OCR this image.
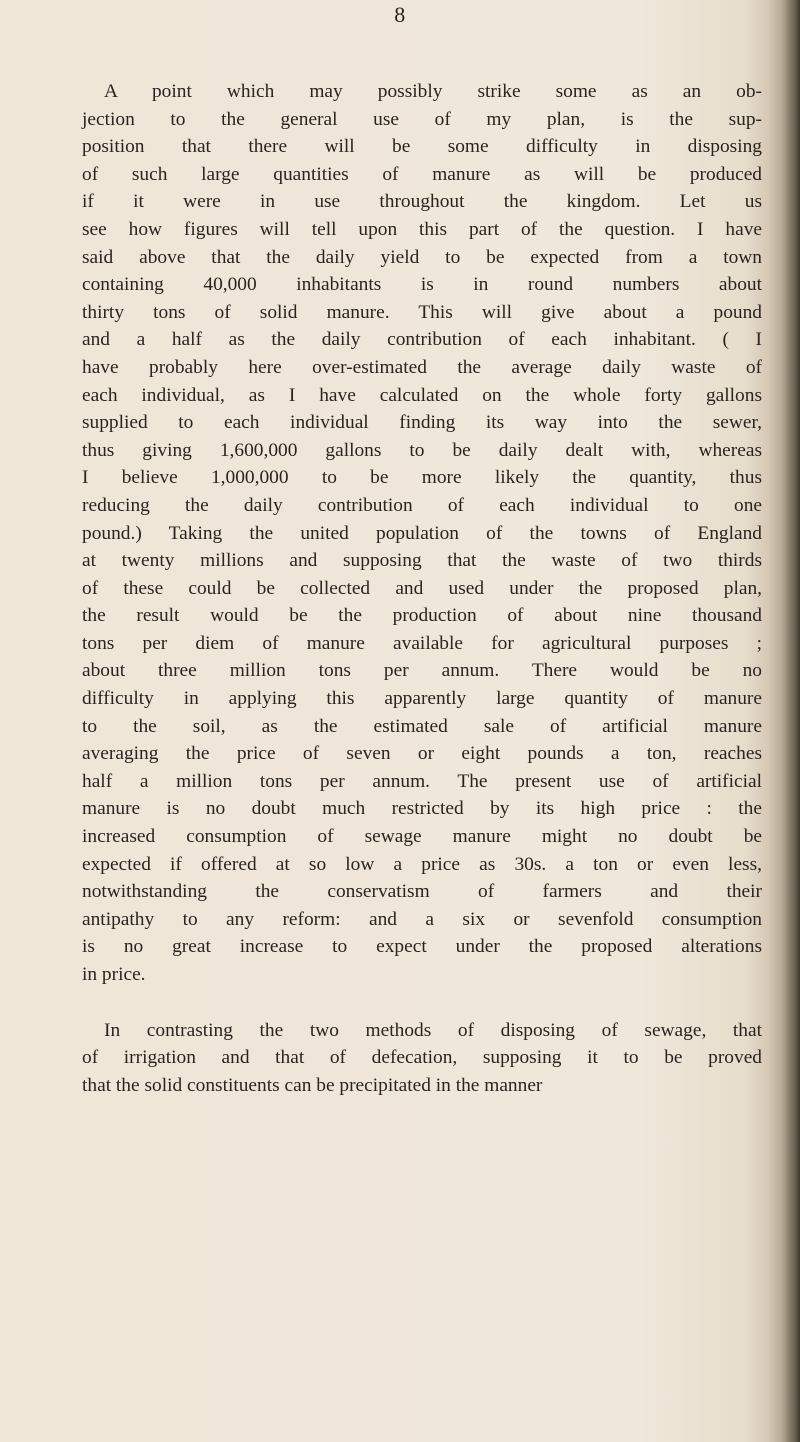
8

A point which may possibly strike some as an ob-
jection to the general use of my plan, is the sup-
position that there will be some difficulty in disposing
of such large quantities of manure as will be produced
if it were in use throughout the kingdom. Let us
see how figures will tell upon this part of the question. I have
said above that the daily yield to be expected from a town
containing 40,000 inhabitants is in round numbers about
thirty tons of solid manure. This will give about a pound
and a half as the daily contribution of each inhabitant. ( I
have probably here over-estimated the average daily waste of
each individual, as I have calculated on the whole forty gallons
supplied to each individual finding its way into the sewer,
thus giving 1,600,000 gallons to be daily dealt with, whereas
I believe 1,000,000 to be more likely the quantity, thus
reducing the daily contribution of each individual to one
pound.) Taking the united population of the towns of England
at twenty millions and supposing that the waste of two thirds
of these could be collected and used under the proposed plan,
the result would be the production of about nine thousand
tons per diem of manure available for agricultural purposes ;
about three million tons per annum. There would be no
difficulty in applying this apparently large quantity of manure
to the soil, as the estimated sale of artificial manure
averaging the price of seven or eight pounds a ton, reaches
half a million tons per annum. The present use of artificial
manure is no doubt much restricted by its high price : the
increased consumption of sewage manure might no doubt be
expected if offered at so low a price as 30s. a ton or even less,
notwithstanding the conservatism of farmers and their
antipathy to any reform: and a six or sevenfold consumption
is no great increase to expect under the proposed alterations
in price.

In contrasting the two methods of disposing of sewage, that
of irrigation and that of defecation, supposing it to be proved
that the solid constituents can be precipitated in the manner
